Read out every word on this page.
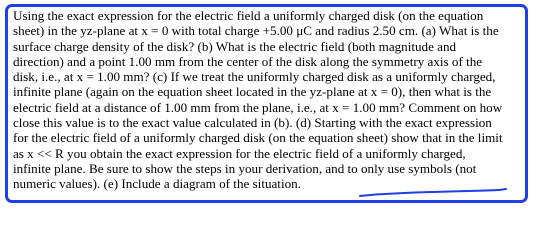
Using the exact expression for the electric field a uniformly charged disk (on the equation
sheet) in the yz-plane at x = 0 with total charge +5.00 μC and radius 2.50 cm. (a) What is the
surface charge density of the disk? (b) What is the electric field (both magnitude and
direction) and a point 1.00 mm from the center of the disk along the symmetry axis of the
disk, i.e., at x = 1.00 mm? (c) If we treat the uniformly charged disk as a uniformly charged,
infinite plane (again on the equation sheet located in the yz-plane at x = 0), then what is the
electric field at a distance of 1.00 mm from the plane, i.e., at x = 1.00 mm? Comment on how
close this value is to the exact value calculated in (b). (d) Starting with the exact expression
for the electric field of a uniformly charged disk (on the equation sheet) show that in the limit
as x << R you obtain the exact expression for the electric field of a uniformly charged,
infinite plane. Be sure to show the steps in your derivation, and to only use symbols (not
numeric values). (e) Include a diagram of the situation.
